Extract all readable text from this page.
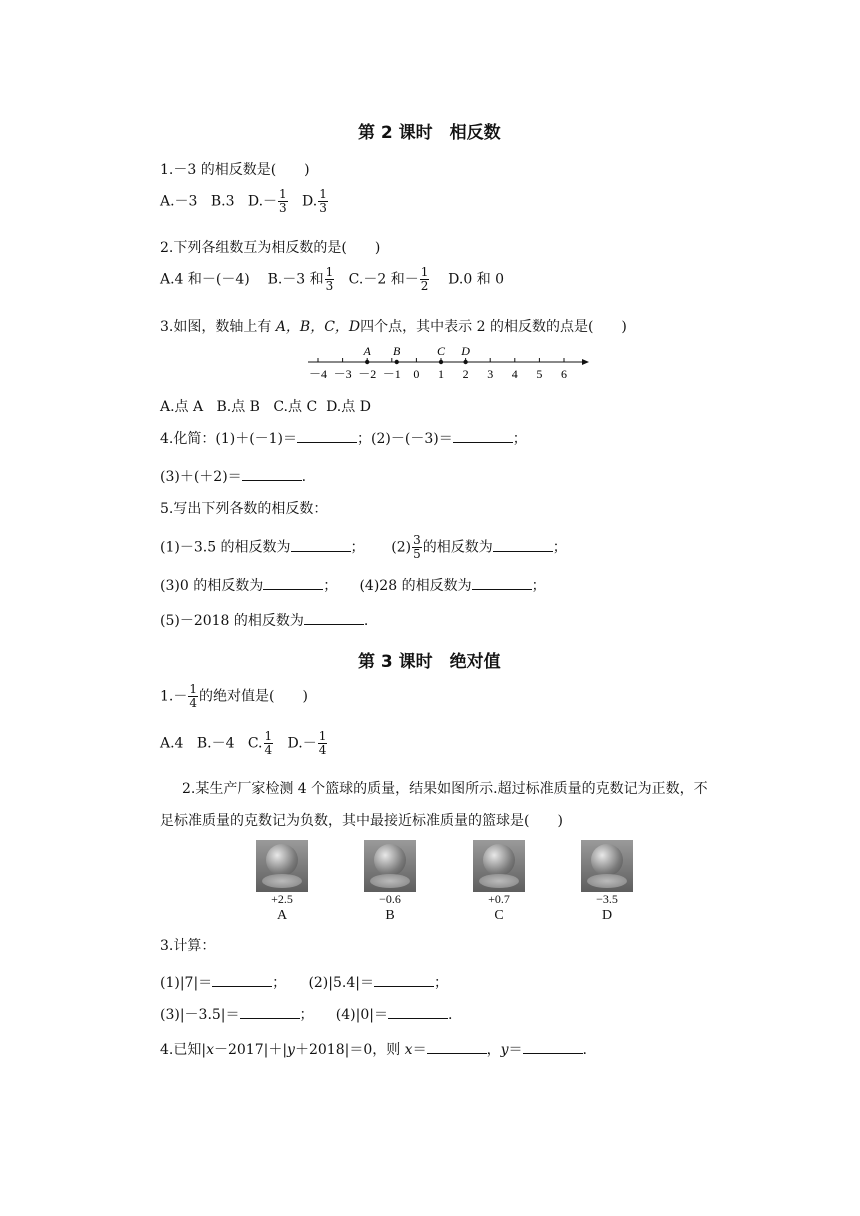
第 2 课时　相反数
1.－3 的相反数是(　　)
A.－3 B.3 $D.- \frac{1}{3} D$. $\frac{1}{3}$
2.下列各组数互为相反数的是(　　)
A.4 和－(－4) B.－3 和 $\frac{1}{3} C.-2$ 和－ $\frac{1}{2} D.0$ 和 0
3.如图，数轴上有 A，B，C，D四个点，其中表示 2 的相反数的点是(　　)
－4 －3 －2 －1 0 1 2 3 4 5 6
A B	C D
A.点 A B.点 B C.点 C D.点 D
4.化简：(1)＋(－1)＝	；(2)－(－3)＝	；
(3)＋(＋2)＝	.
5.写出下列各数的相反数：
(1)－3.5 的相反数为	； $(2) \frac{3}{5}$ 的相反数为	；
(3)0 的相反数为	； (4)28 的相反数为	；
(5)－2018 的相反数为	.
第 3 课时　绝对值
$1.- \frac{1}{4}$ 的绝对值是(　　)
A.4 B.－4 C. $\frac{1}{4} D.- \frac{1}{4}$
2.某生产厂家检测 4 个篮球的质量，结果如图所示.超过标准质量的克数记为正数，不
足标准质量的克数记为负数，其中最接近标准质量的篮球是(　　)
+2.5
A
−0.6
B
+0.7
C
−3.5
D
3.计算：
(1)|7|＝	； (2)|5.4|＝	；
(3)|－3.5|＝	； (4)|0|＝	.
4.已知|x－2017|＋|y＋2018|＝0，则 x＝	，y＝	.
